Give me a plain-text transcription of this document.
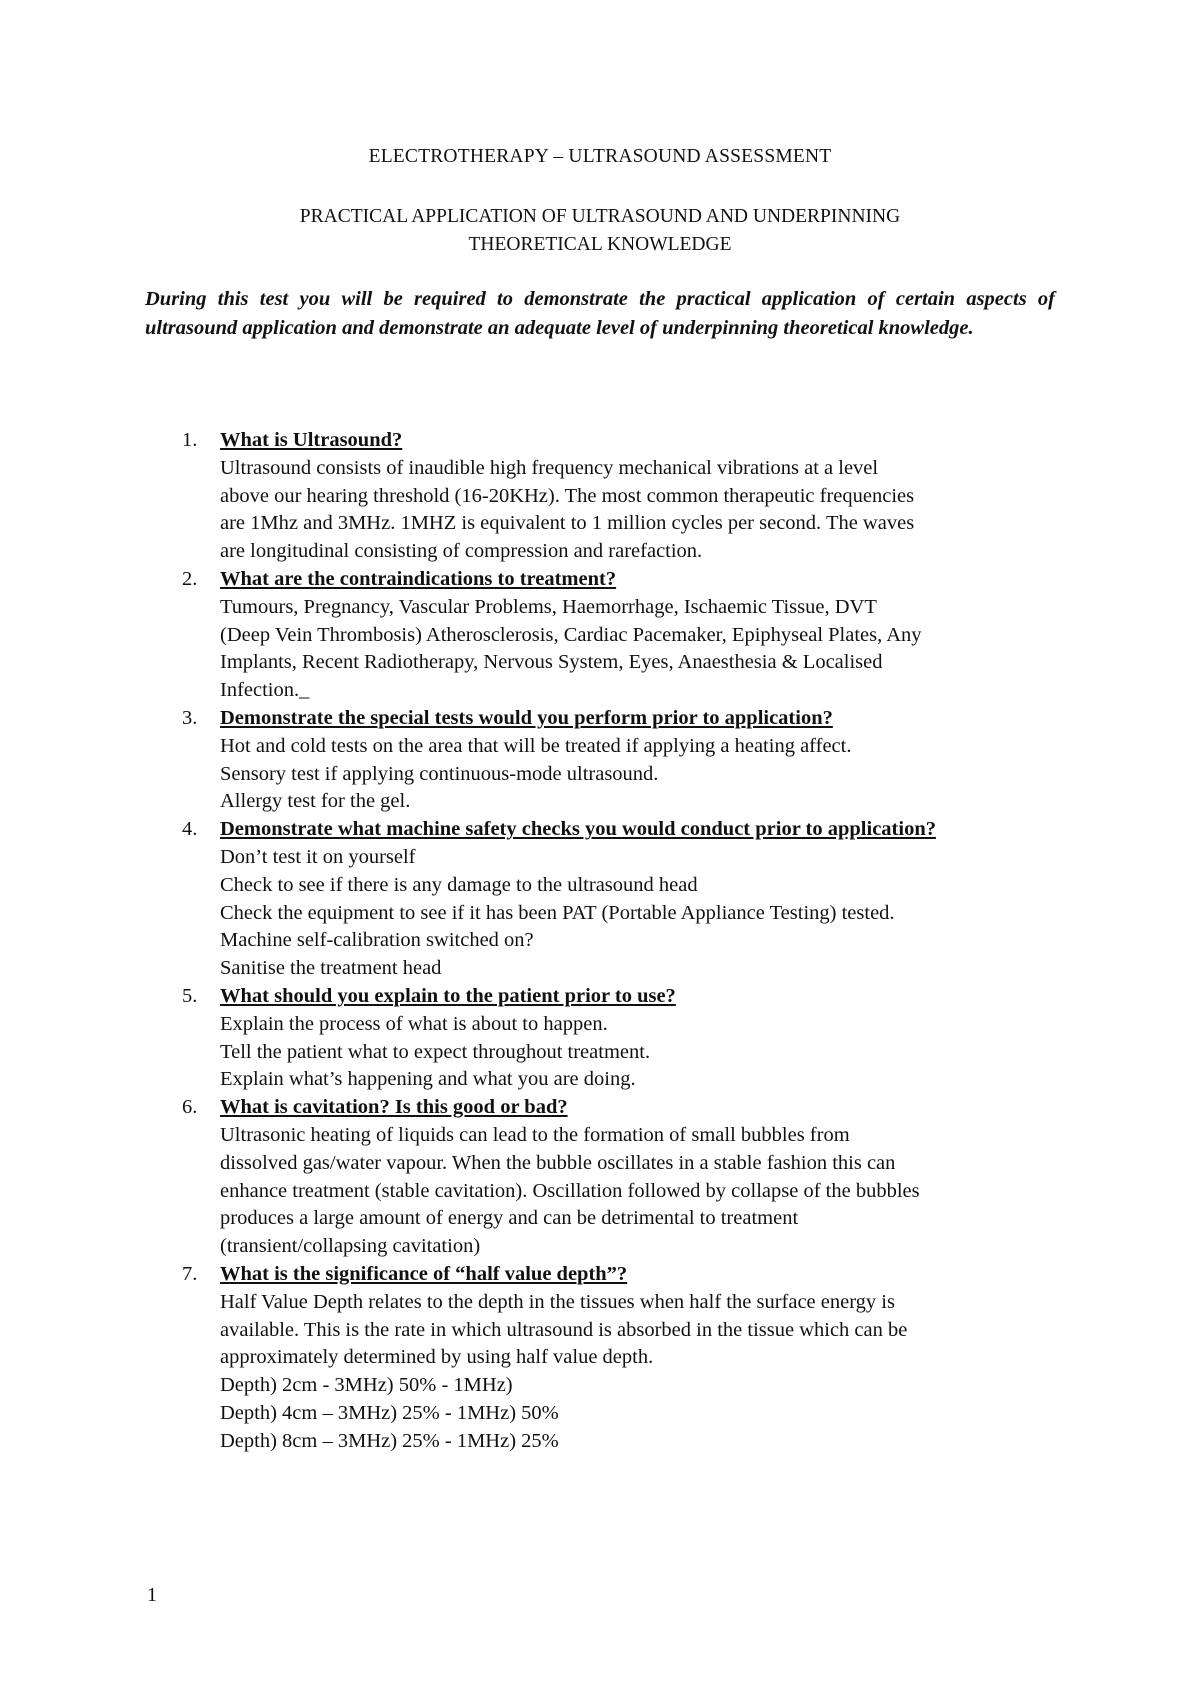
ELECTROTHERAPY – ULTRASOUND ASSESSMENT
PRACTICAL APPLICATION OF ULTRASOUND AND UNDERPINNING
THEORETICAL KNOWLEDGE
During this test you will be required to demonstrate the practical application of certain aspects of ultrasound application and demonstrate an adequate level of underpinning theoretical knowledge.
1. What is Ultrasound?
Ultrasound consists of inaudible high frequency mechanical vibrations at a level
above our hearing threshold (16-20KHz). The most common therapeutic frequencies
are 1Mhz and 3MHz. 1MHZ is equivalent to 1 million cycles per second. The waves
are longitudinal consisting of compression and rarefaction.
2. What are the contraindications to treatment?
Tumours, Pregnancy, Vascular Problems, Haemorrhage, Ischaemic Tissue, DVT
(Deep Vein Thrombosis) Atherosclerosis, Cardiac Pacemaker, Epiphyseal Plates, Any
Implants, Recent Radiotherapy, Nervous System, Eyes, Anaesthesia & Localised
Infection._
3. Demonstrate the special tests would you perform prior to application?
Hot and cold tests on the area that will be treated if applying a heating affect.
Sensory test if applying continuous-mode ultrasound.
Allergy test for the gel.
4. Demonstrate what machine safety checks you would conduct prior to application?
Don’t test it on yourself
Check to see if there is any damage to the ultrasound head
Check the equipment to see if it has been PAT (Portable Appliance Testing) tested.
Machine self-calibration switched on?
Sanitise the treatment head
5. What should you explain to the patient prior to use?
Explain the process of what is about to happen.
Tell the patient what to expect throughout treatment.
Explain what’s happening and what you are doing.
6. What is cavitation? Is this good or bad?
Ultrasonic heating of liquids can lead to the formation of small bubbles from
dissolved gas/water vapour. When the bubble oscillates in a stable fashion this can
enhance treatment (stable cavitation). Oscillation followed by collapse of the bubbles
produces a large amount of energy and can be detrimental to treatment
(transient/collapsing cavitation)
7. What is the significance of “half value depth”?
Half Value Depth relates to the depth in the tissues when half the surface energy is
available. This is the rate in which ultrasound is absorbed in the tissue which can be
approximately determined by using half value depth.
Depth) 2cm - 3MHz) 50% - 1MHz)
Depth) 4cm – 3MHz) 25% - 1MHz) 50%
Depth) 8cm – 3MHz) 25% - 1MHz) 25%
1
